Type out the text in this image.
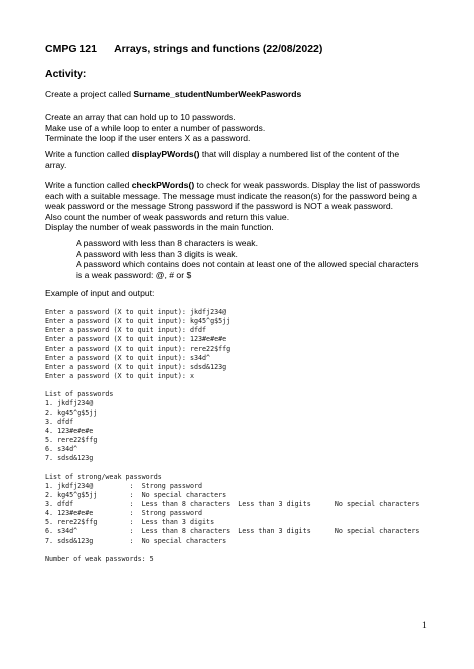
CMPG 121 Arrays, strings and functions (22/08/2022)
Activity:
Create a project called Surname_studentNumberWeekPaswords
Create an array that can hold up to 10 passwords.
Make use of a while loop to enter a number of passwords.
Terminate the loop if the user enters X as a password.
Write a function called displayPWords() that will display a numbered list of the content of the
array.
Write a function called checkPWords() to check for weak passwords. Display the list of passwords
each with a suitable message. The message must indicate the reason(s) for the password being a
weak password or the message Strong password if the password is NOT a weak password.
Also count the number of weak passwords and return this value.
Display the number of weak passwords in the main function.
A password with less than 8 characters is weak.
A password with less than 3 digits is weak.
A password which contains does not contain at least one of the allowed special characters
is a weak password: @, # or $
Example of input and output:
Enter a password (X to quit input): jkdfj234@
Enter a password (X to quit input): kg45^g$5jj
Enter a password (X to quit input): dfdf
Enter a password (X to quit input): 123#e#e#e
Enter a password (X to quit input): rere22$ffg
Enter a password (X to quit input): s34d^
Enter a password (X to quit input): sdsd&123g
Enter a password (X to quit input): x
List of passwords
1. jkdfj234@
2. kg45^g$5jj
3. dfdf
4. 123#e#e#e
5. rere22$ffg
6. s34d^
7. sdsd&123g
List of strong/weak passwords
1. jkdfj234@         :  Strong password
2. kg45^g$5jj        :  No special characters
3. dfdf              :  Less than 8 characters  Less than 3 digits      No special characters
4. 123#e#e#e         :  Strong password
5. rere22$ffg        :  Less than 3 digits
6. s34d^             :  Less than 8 characters  Less than 3 digits      No special characters
7. sdsd&123g         :  No special characters
Number of weak passwords: 5
1
